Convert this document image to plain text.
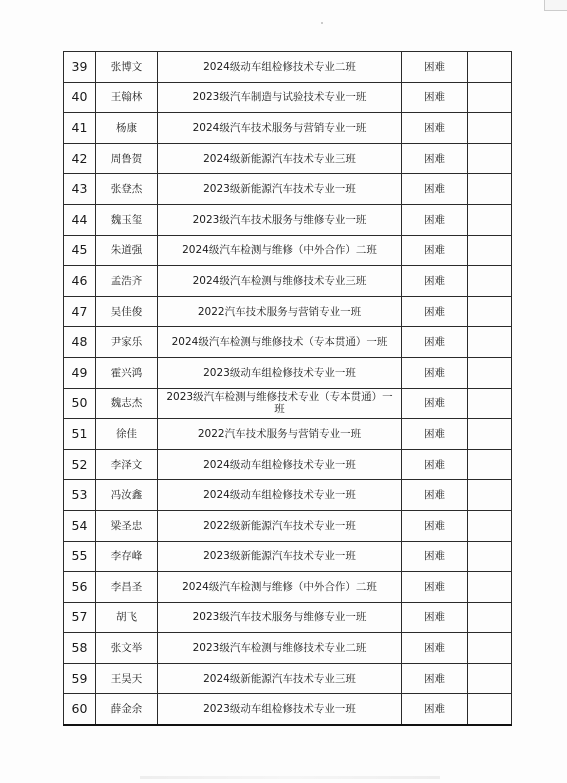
39	张博文	2024级动车组检修技术专业二班	困难	
40	王翰林	2023级汽车制造与试验技术专业一班	困难	
41	杨康	2024级汽车技术服务与营销专业一班	困难	
42	周鲁贺	2024级新能源汽车技术专业三班	困难	
43	张登杰	2023级新能源汽车技术专业一班	困难	
44	魏玉玺	2023级汽车技术服务与维修专业一班	困难	
45	朱道强	2024级汽车检测与维修（中外合作）二班	困难	
46	孟浩齐	2024级汽车检测与维修技术专业三班	困难	
47	吴佳俊	2022汽车技术服务与营销专业一班	困难	
48	尹家乐	2024级汽车检测与维修技术（专本贯通）一班	困难	
49	霍兴鸿	2023级动车组检修技术专业一班	困难	
50	魏志杰	2023级汽车检测与维修技术专业（专本贯通）一班	困难	
51	徐佳	2022汽车技术服务与营销专业一班	困难	
52	李泽文	2024级动车组检修技术专业一班	困难	
53	冯汝鑫	2024级动车组检修技术专业一班	困难	
54	梁圣忠	2022级新能源汽车技术专业一班	困难	
55	李存峰	2023级新能源汽车技术专业一班	困难	
56	李昌圣	2024级汽车检测与维修（中外合作）二班	困难	
57	胡飞	2023级汽车技术服务与维修专业一班	困难	
58	张文举	2023级汽车检测与维修技术专业二班	困难	
59	王昊天	2024级新能源汽车技术专业三班	困难	
60	薛金余	2023级动车组检修技术专业一班	困难	
